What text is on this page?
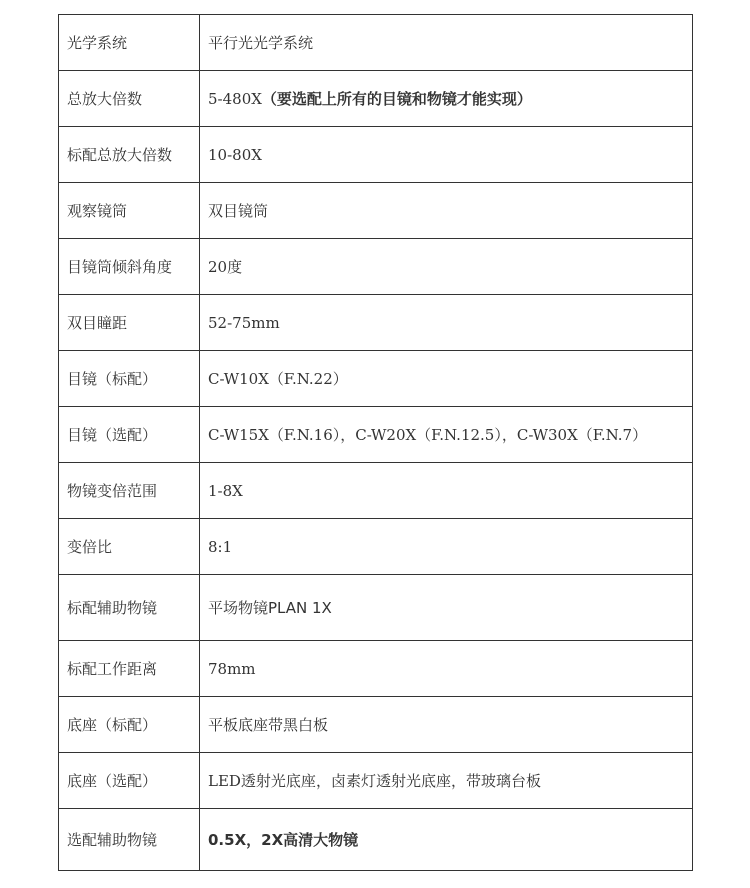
光学系统	平行光光学系统
总放大倍数	5-480X（要选配上所有的目镜和物镜才能实现）
标配总放大倍数	10-80X
观察镜筒	双目镜筒
目镜筒倾斜角度	20度
双目瞳距	52-75mm
目镜（标配）	C-W10X（F.N.22）
目镜（选配）	C-W15X（F.N.16），C-W20X（F.N.12.5），C-W30X（F.N.7）
物镜变倍范围	1-8X
变倍比	8:1
标配辅助物镜	平场物镜PLAN 1X
标配工作距离	78mm
底座（标配）	平板底座带黑白板
底座（选配）	LED透射光底座，卤素灯透射光底座，带玻璃台板
选配辅助物镜	0.5X，2X高清大物镜
